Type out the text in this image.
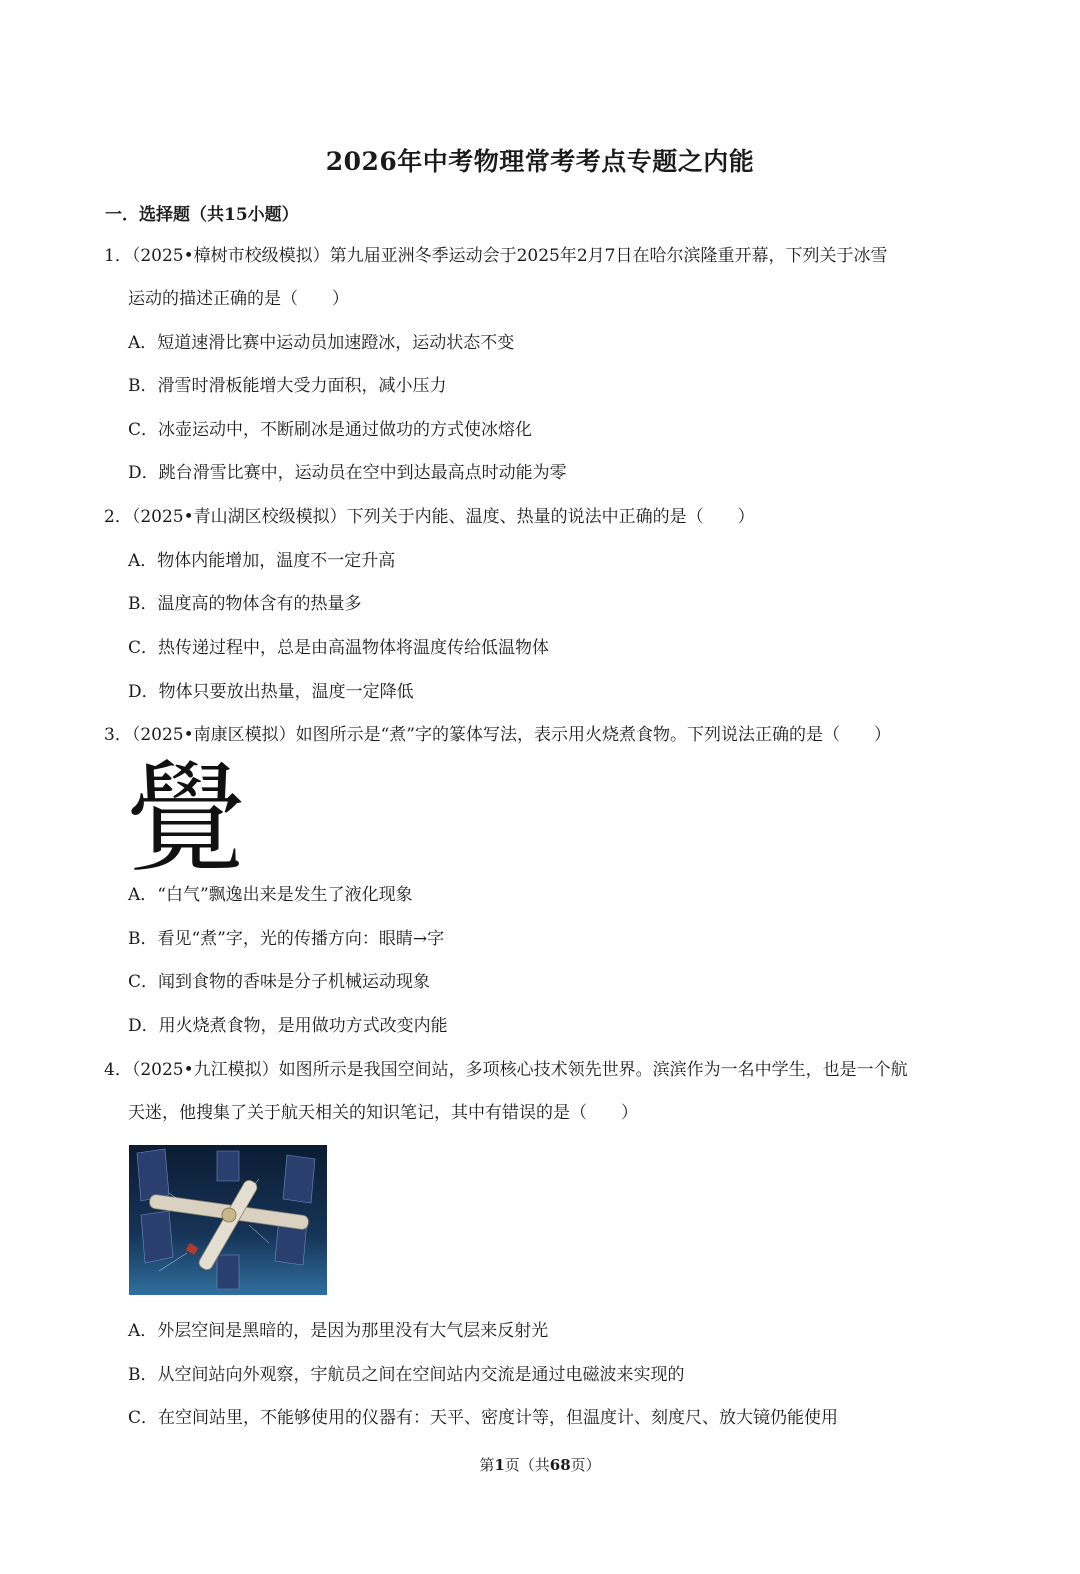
2026年中考物理常考考点专题之内能
一．选择题（共15小题）
1．（2025•樟树市校级模拟）第九届亚洲冬季运动会于2025年2月7日在哈尔滨隆重开幕，下列关于冰雪
运动的描述正确的是（　　）
A．短道速滑比赛中运动员加速蹬冰，运动状态不变
B．滑雪时滑板能增大受力面积，减小压力
C．冰壶运动中，不断刷冰是通过做功的方式使冰熔化
D．跳台滑雪比赛中，运动员在空中到达最高点时动能为零
2．（2025•青山湖区校级模拟）下列关于内能、温度、热量的说法中正确的是（　　）
A．物体内能增加，温度不一定升高
B．温度高的物体含有的热量多
C．热传递过程中，总是由高温物体将温度传给低温物体
D．物体只要放出热量，温度一定降低
3．（2025•南康区模拟）如图所示是“煮”字的篆体写法，表示用火烧煮食物。下列说法正确的是（　　）
覺
A．“白气”飘逸出来是发生了液化现象
B．看见“煮”字，光的传播方向：眼睛→字
C．闻到食物的香味是分子机械运动现象
D．用火烧煮食物，是用做功方式改变内能
4．（2025•九江模拟）如图所示是我国空间站，多项核心技术领先世界。滨滨作为一名中学生，也是一个航
天迷，他搜集了关于航天相关的知识笔记，其中有错误的是（　　）
A．外层空间是黑暗的，是因为那里没有大气层来反射光
B．从空间站向外观察，宇航员之间在空间站内交流是通过电磁波来实现的
C．在空间站里，不能够使用的仪器有：天平、密度计等，但温度计、刻度尺、放大镜仍能使用
第1页（共68页）
